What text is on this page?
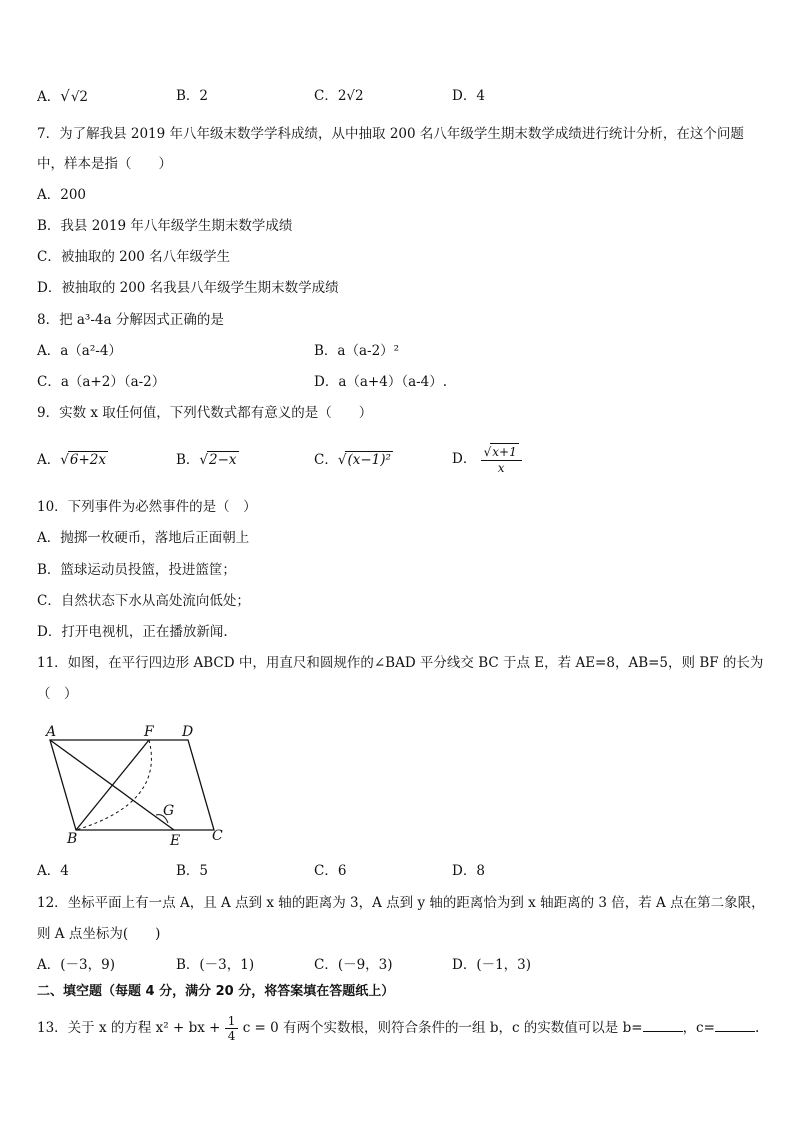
A．√√2	B．2	C．2√2	D．4
7．为了解我县 2019 年八年级末数学学科成绩，从中抽取 200 名八年级学生期末数学成绩进行统计分析，在这个问题
中，样本是指（　　）
A．200
B．我县 2019 年八年级学生期末数学成绩
C．被抽取的 200 名八年级学生
D．被抽取的 200 名我县八年级学生期末数学成绩
8．把 a³-4a 分解因式正确的是
A．a（a²-4）	B．a（a-2）²
C．a（a+2）（a-2）	D．a（a+4）（a-4）.
9．实数 x 取任何值，下列代数式都有意义的是（　　）
A．√6+2x	B．√2−x	C．√(x−1)²	D． $\frac{√x+1}{x}$
10．下列事件为必然事件的是（　）
A．抛掷一枚硬币，落地后正面朝上
B．篮球运动员投篮，投进篮筐；
C．自然状态下水从高处流向低处；
D．打开电视机，正在播放新闻.
11．如图，在平行四边形 ABCD 中，用直尺和圆规作的∠BAD 平分线交 BC 于点 E，若 AE=8，AB=5，则 BF 的长为
（　）
A	F D
G
B	E C
A．4	B．5	C．6	D．8
12．坐标平面上有一点 A，且 A 点到 x 轴的距离为 3，A 点到 y 轴的距离恰为到 x 轴距离的 3 倍，若 A 点在第二象限，
则 A 点坐标为(　　)
A．(－3，9)	B．(－3，1)	C．(－9，3)	D．(－1，3)
二、填空题（每题 4 分，满分 20 分，将答案填在答题纸上）
13．关于 x 的方程 x² + bx + $\frac{1}{4}$ c = 0 有两个实数根，则符合条件的一组 b，c 的实数值可以是 b=	，c=	.
